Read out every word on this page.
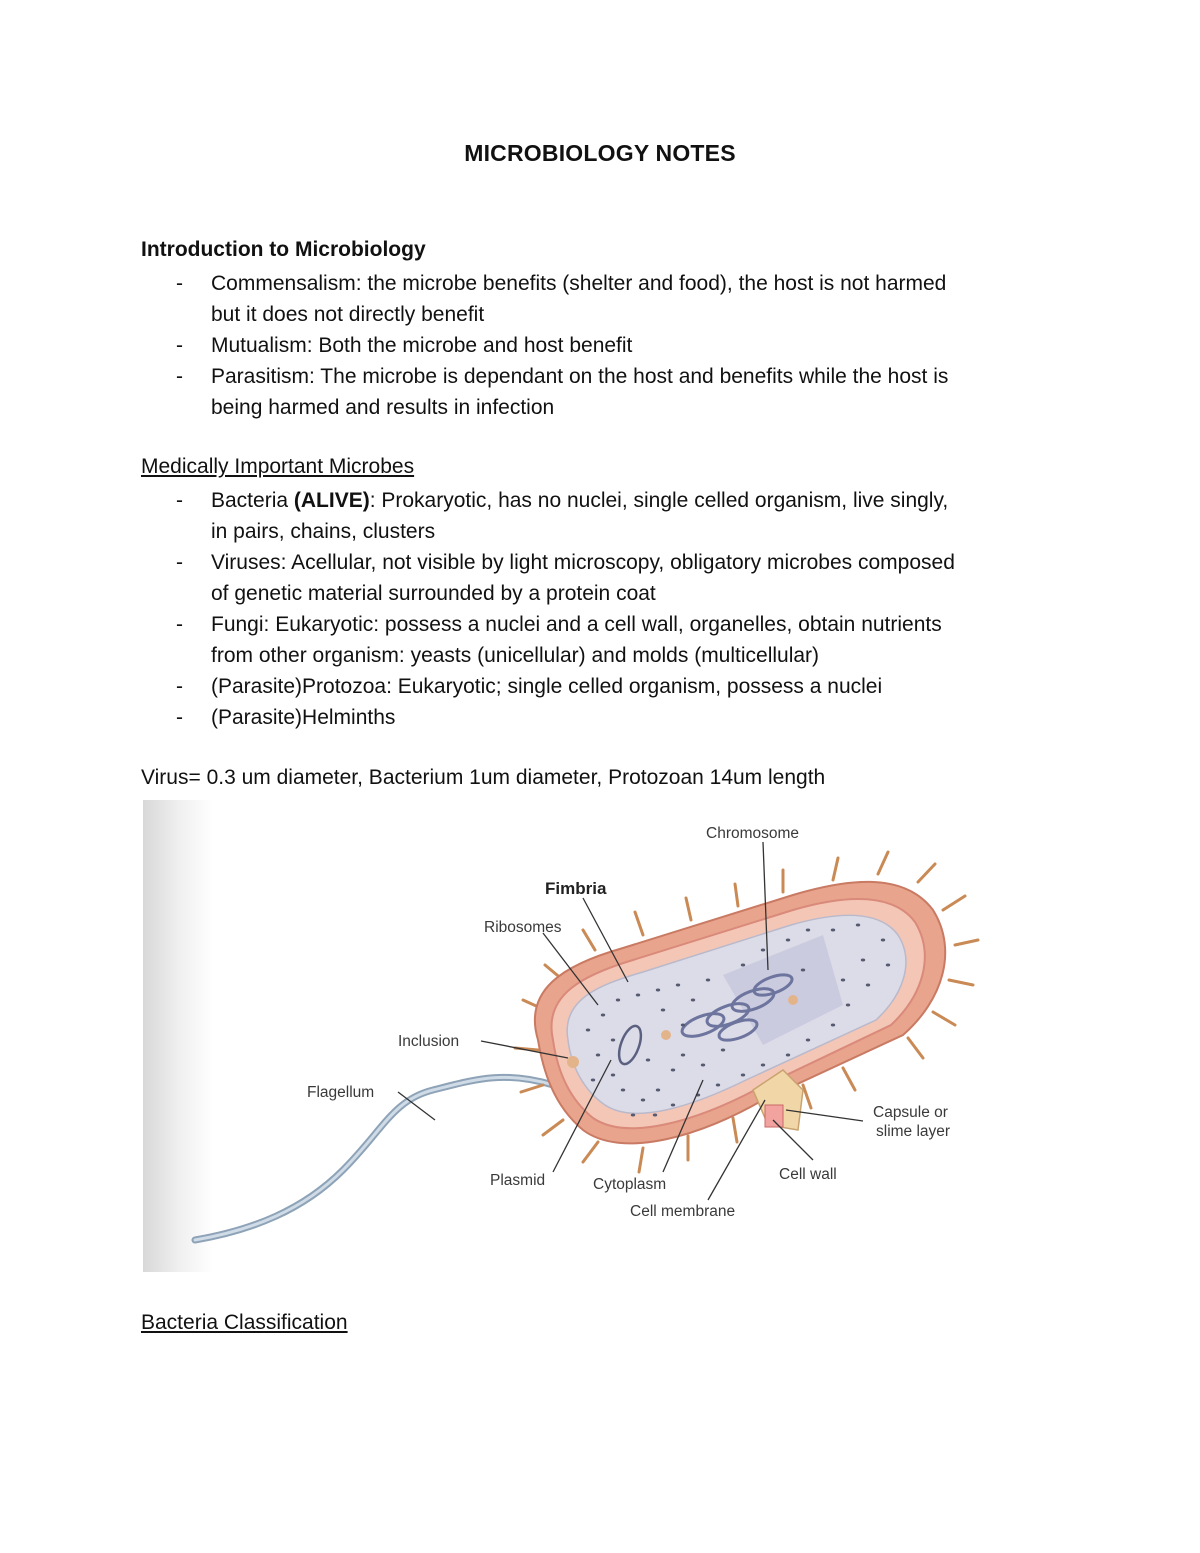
MICROBIOLOGY NOTES
Introduction to Microbiology
- Commensalism: the microbe benefits (shelter and food), the host is not harmed
but it does not directly benefit
- Mutualism: Both the microbe and host benefit
- Parasitism: The microbe is dependant on the host and benefits while the host is
being harmed and results in infection
Medically Important Microbes
- Bacteria (ALIVE): Prokaryotic, has no nuclei, single celled organism, live singly,
in pairs, chains, clusters
- Viruses: Acellular, not visible by light microscopy, obligatory microbes composed
of genetic material surrounded by a protein coat
- Fungi: Eukaryotic: possess a nuclei and a cell wall, organelles, obtain nutrients
from other organism: yeasts (unicellular) and molds (multicellular)
- (Parasite)Protozoa: Eukaryotic; single celled organism, possess a nuclei
- (Parasite)Helminths
Virus= 0.3 um diameter, Bacterium 1um diameter, Protozoan 14um length
Chromosome
Fimbria
Ribosomes
Inclusion
Flagellum
Capsule or
slime layer
Cell wall
Plasmid	Cytoplasm
Cell membrane
Bacteria Classification
